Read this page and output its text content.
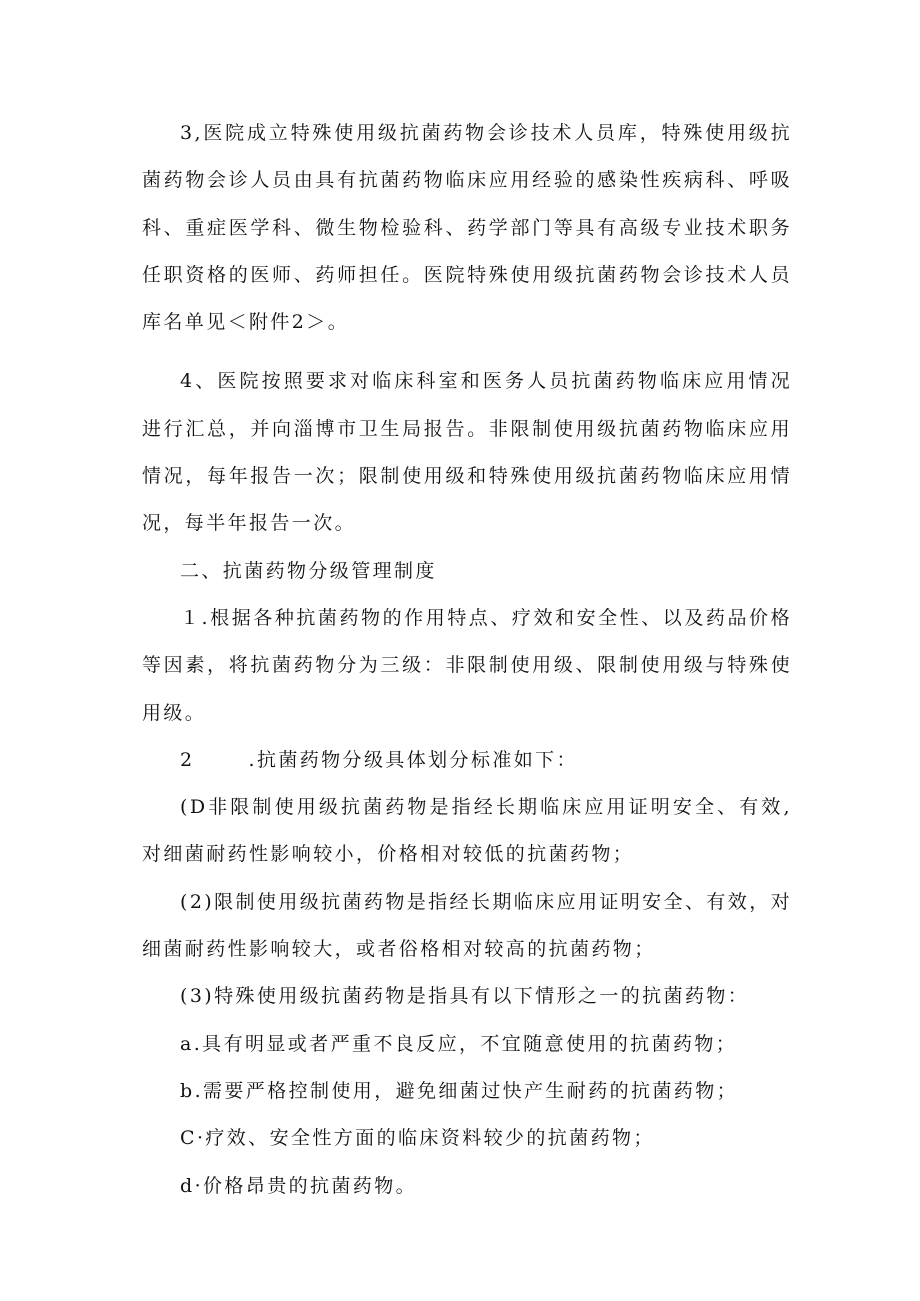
3,医院成立特殊使用级抗菌药物会诊技术人员库，特殊使用级抗菌药物会诊人员由具有抗菌药物临床应用经验的感染性疾病科、呼吸科、重症医学科、微生物检验科、药学部门等具有高级专业技术职务任职资格的医师、药师担任。医院特殊使用级抗菌药物会诊技术人员库名单见＜附件2＞。

4、医院按照要求对临床科室和医务人员抗菌药物临床应用情况进行汇总，并向淄博市卫生局报告。非限制使用级抗菌药物临床应用情况，每年报告一次；限制使用级和特殊使用级抗菌药物临床应用情况，每半年报告一次。

二、抗菌药物分级管理制度

１.根据各种抗菌药物的作用特点、疗效和安全性、以及药品价格等因素，将抗菌药物分为三级：非限制使用级、限制使用级与特殊使用级。

2	.抗菌药物分级具体划分标准如下：

(D非限制使用级抗菌药物是指经长期临床应用证明安全、有效,对细菌耐药性影响较小，价格相对较低的抗菌药物；

(2)限制使用级抗菌药物是指经长期临床应用证明安全、有效，对细菌耐药性影响较大，或者俗格相对较高的抗菌药物；

(3)特殊使用级抗菌药物是指具有以下情形之一的抗菌药物：

a.具有明显或者严重不良反应，不宜随意使用的抗菌药物；

b.需要严格控制使用，避免细菌过快产生耐药的抗菌药物；

C·疗效、安全性方面的临床资料较少的抗菌药物；

d·价格昂贵的抗菌药物。
